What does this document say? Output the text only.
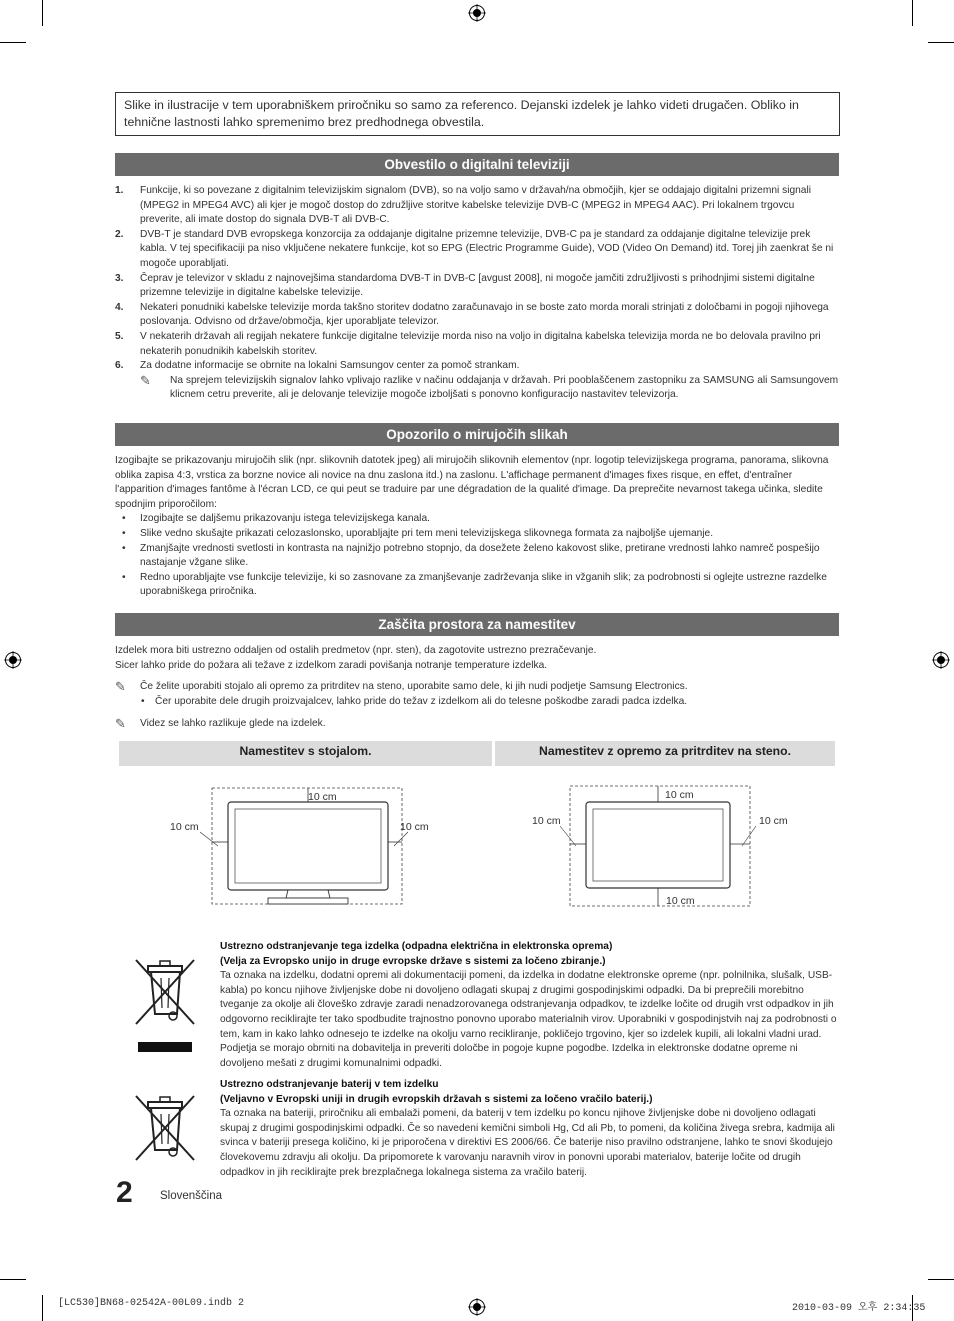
Slike in ilustracije v tem uporabniškem priročniku so samo za referenco. Dejanski izdelek je lahko videti drugačen. Obliko in tehnične lastnosti lahko spremenimo brez predhodnega obvestila.
Obvestilo o digitalni televiziji
1. Funkcije, ki so povezane z digitalnim televizijskim signalom (DVB), so na voljo samo v državah/na območjih, kjer se oddajajo digitalni prizemni signali (MPEG2 in MPEG4 AVC) ali kjer je mogoč dostop do združljive storitve kabelske televizije DVB-C (MPEG2 in MPEG4 AAC). Pri lokalnem trgovcu preverite, ali imate dostop do signala DVB-T ali DVB-C.
2. DVB-T je standard DVB evropskega konzorcija za oddajanje digitalne prizemne televizije, DVB-C pa je standard za oddajanje digitalne televizije prek kabla. V tej specifikaciji pa niso vključene nekatere funkcije, kot so EPG (Electric Programme Guide), VOD (Video On Demand) itd. Torej jih zaenkrat še ni mogoče uporabljati.
3. Čeprav je televizor v skladu z najnovejšima standardoma DVB-T in DVB-C [avgust 2008], ni mogoče jamčiti združljivosti s prihodnjimi sistemi digitalne prizemne televizije in digitalne kabelske televizije.
4. Nekateri ponudniki kabelske televizije morda takšno storitev dodatno zaračunavajo in se boste zato morda morali strinjati z določbami in pogoji njihovega poslovanja. Odvisno od države/območja, kjer uporabljate televizor.
5. V nekaterih državah ali regijah nekatere funkcije digitalne televizije morda niso na voljo in digitalna kabelska televizija morda ne bo delovala pravilno pri nekaterih ponudnikih kabelskih storitev.
6. Za dodatne informacije se obrnite na lokalni Samsungov center za pomoč strankam.
✎ Na sprejem televizijskih signalov lahko vplivajo razlike v načinu oddajanja v državah. Pri pooblaščenem zastopniku za SAMSUNG ali Samsungovem klicnem cetru preverite, ali je delovanje televizije mogoče izboljšati s ponovno konfiguracijo nastavitev televizorja.
Opozorilo o mirujočih slikah
Izogibajte se prikazovanju mirujočih slik (npr. slikovnih datotek jpeg) ali mirujočih slikovnih elementov (npr. logotip televizijskega programa, panorama, slikovna oblika zapisa 4:3, vrstica za borzne novice ali novice na dnu zaslona itd.) na zaslonu. L'affichage permanent d'images fixes risque, en effet, d'entraîner l'apparition d'images fantôme à l'écran LCD, ce qui peut se traduire par une dégradation de la qualité d'image. Da preprečite nevarnost takega učinka, sledite spodnjim priporočilom:
• Izogibajte se daljšemu prikazovanju istega televizijskega kanala.
• Slike vedno skušajte prikazati celozaslonsko, uporabljajte pri tem meni televizijskega slikovnega formata za najboljše ujemanje.
• Zmanjšajte vrednosti svetlosti in kontrasta na najnižjo potrebno stopnjo, da dosežete želeno kakovost slike, pretirane vrednosti lahko namreč pospešijo nastajanje vžgane slike.
• Redno uporabljajte vse funkcije televizije, ki so zasnovane za zmanjševanje zadrževanja slike in vžganih slik; za podrobnosti si oglejte ustrezne razdelke uporabniškega priročnika.
Zaščita prostora za namestitev
Izdelek mora biti ustrezno oddaljen od ostalih predmetov (npr. sten), da zagotovite ustrezno prezračevanje.
Sicer lahko pride do požara ali težave z izdelkom zaradi povišanja notranje temperature izdelka.
✎ Če želite uporabiti stojalo ali opremo za pritrditev na steno, uporabite samo dele, ki jih nudi podjetje Samsung Electronics.
• Čer uporabite dele drugih proizvajalcev, lahko pride do težav z izdelkom ali do telesne poškodbe zaradi padca izdelka.
✎ Videz se lahko razlikuje glede na izdelek.
Namestitev s stojalom.	Namestitev z opremo za pritrditev na steno.
10 cm
10 cm	10 cm
10 cm
10 cm	10 cm
10 cm
Ustrezno odstranjevanje tega izdelka (odpadna električna in elektronska oprema)
(Velja za Evropsko unijo in druge evropske države s sistemi za ločeno zbiranje.)
Ta oznaka na izdelku, dodatni opremi ali dokumentaciji pomeni, da izdelka in dodatne elektronske opreme (npr. polnilnika, slušalk, USB-kabla) po koncu njihove življenjske dobe ni dovoljeno odlagati skupaj z drugimi gospodinjskimi odpadki. Da bi preprečili morebitno tveganje za okolje ali človeško zdravje zaradi nenadzorovanega odstranjevanja odpadkov, te izdelke ločite od drugih vrst odpadkov in jih odgovorno reciklirajte ter tako spodbudite trajnostno ponovno uporabo materialnih virov. Uporabniki v gospodinjstvih naj za podrobnosti o tem, kam in kako lahko odnesejo te izdelke na okolju varno recikliranje, pokličejo trgovino, kjer so izdelek kupili, ali lokalni vladni urad. Podjetja se morajo obrniti na dobavitelja in preveriti določbe in pogoje kupne pogodbe. Izdelka in elektronske dodatne opreme ni dovoljeno mešati z drugimi komunalnimi odpadki.
Ustrezno odstranjevanje baterij v tem izdelku
(Veljavno v Evropski uniji in drugih evropskih državah s sistemi za ločeno vračilo baterij.)
Ta oznaka na bateriji, priročniku ali embalaži pomeni, da baterij v tem izdelku po koncu njihove življenjske dobe ni dovoljeno odlagati skupaj z drugimi gospodinjskimi odpadki. Če so navedeni kemični simboli Hg, Cd ali Pb, to pomeni, da količina živega srebra, kadmija ali svinca v bateriji presega količino, ki je priporočena v direktivi ES 2006/66. Če baterije niso pravilno odstranjene, lahko te snovi škodujejo človekovemu zdravju ali okolju. Da pripomorete k varovanju naravnih virov in ponovni uporabi materialov, baterije ločite od drugih odpadkov in jih reciklirajte prek brezplačnega lokalnega sistema za vračilo baterij.
2 Slovenščina
[LC530]BN68-02542A-00L09.indb 2	2010-03-09 오후 2:34:35
